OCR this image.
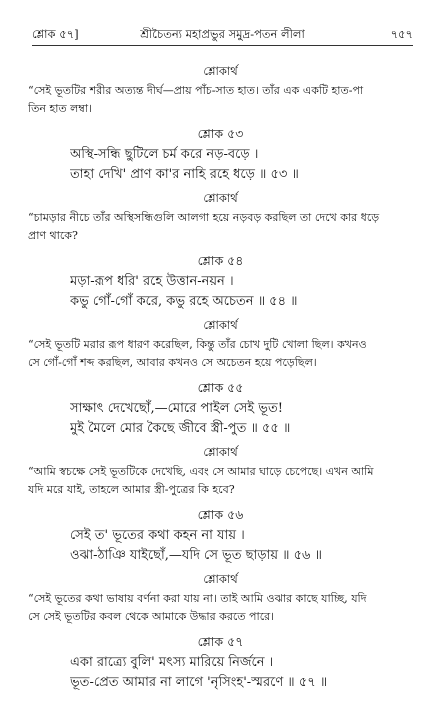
শ্লোক ৫৭]	শ্রীচৈতন্য মহাপ্রভুর সমুদ্র-পতন লীলা	৭৫৭
শ্লোকার্থ
“সেই ভূতটির শরীর অত্যন্ত দীর্ঘ—প্রায় পাঁচ-সাত হাত। তাঁর এক একটি হাত-পা
তিন হাত লম্বা।
শ্লোক ৫৩
অস্থি-সন্ধি ছুটিলে চর্ম করে নড়-বড়ে ।
তাহা দেখি' প্রাণ কা'র নাহি রহে ধড়ে ॥ ৫৩ ॥
শ্লোকার্থ
“চামড়ার নীচে তাঁর অস্থিসন্ধিগুলি আলগা হয়ে নড়বড় করছিল তা দেখে কার ধড়ে
প্রাণ থাকে?
শ্লোক ৫৪
মড়া-রূপ ধরি' রহে উত্তান-নয়ন ।
কভু গোঁ-গোঁ করে, কভু রহে অচেতন ॥ ৫৪ ॥
শ্লোকার্থ
“সেই ভূতটি মরার রূপ ধারণ করেছিল, কিন্তু তাঁর চোখ দুটি খোলা ছিল। কখনও
সে গোঁ-গোঁ শব্দ করছিল, আবার কখনও সে অচেতন হয়ে পড়েছিল।
শ্লোক ৫৫
সাক্ষাৎ দেখেছোঁ,—মোরে পাইল সেই ভূত!
মুই মৈলে মোর কৈছে জীবে স্ত্রী-পুত ॥ ৫৫ ॥
শ্লোকার্থ
“আমি স্বচক্ষে সেই ভূতটিকে দেখেছি, এবং সে আমার ঘাড়ে চেপেছে। এখন আমি
যদি মরে যাই, তাহলে আমার স্ত্রী-পুত্রের কি হবে?
শ্লোক ৫৬
সেই ত' ভূতের কথা কহন না যায় ।
ওঝা-ঠাঞি যাইছোঁ,—যদি সে ভূত ছাড়ায় ॥ ৫৬ ॥
শ্লোকার্থ
“সেই ভূতের কথা ভাষায় বর্ণনা করা যায় না। তাই আমি ওঝার কাছে যাচ্ছি, যদি
সে সেই ভূতটির কবল থেকে আমাকে উদ্ধার করতে পারে।
শ্লোক ৫৭
একা রাত্র্যে বুলি' মৎস্য মারিয়ে নির্জনে ।
ভূত-প্রেত আমার না লাগে 'নৃসিংহ'-স্মরণে ॥ ৫৭ ॥
